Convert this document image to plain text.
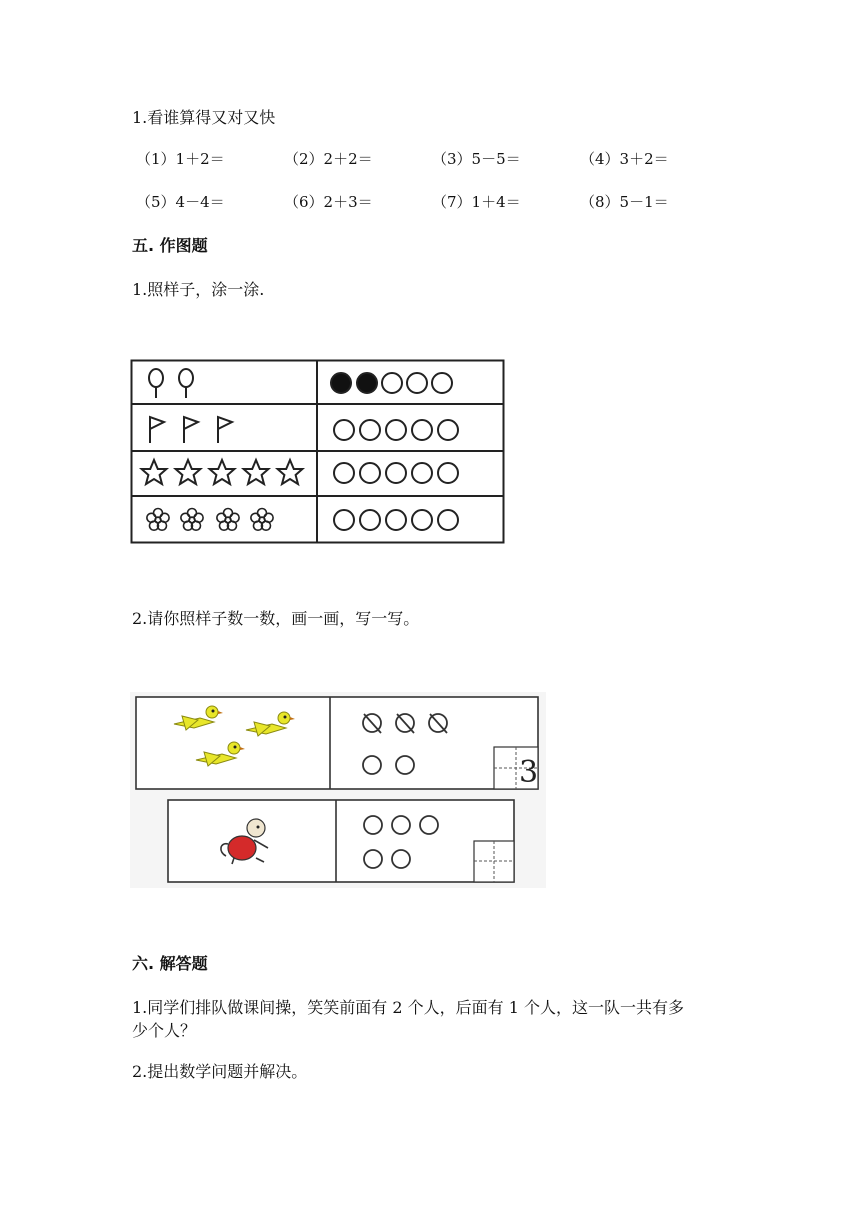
1.看谁算得又对又快
（1）1＋2＝	（2）2＋2＝	（3）5－5＝	（4）3＋2＝
（5）4－4＝	（6）2＋3＝	（7）1＋4＝	（8）5－1＝
五. 作图题
1.照样子，涂一涂.
2.请你照样子数一数，画一画，写一写。
3
六. 解答题
1.同学们排队做课间操，笑笑前面有 2 个人，后面有 1 个人，这一队一共有多
少个人？
2.提出数学问题并解决。
